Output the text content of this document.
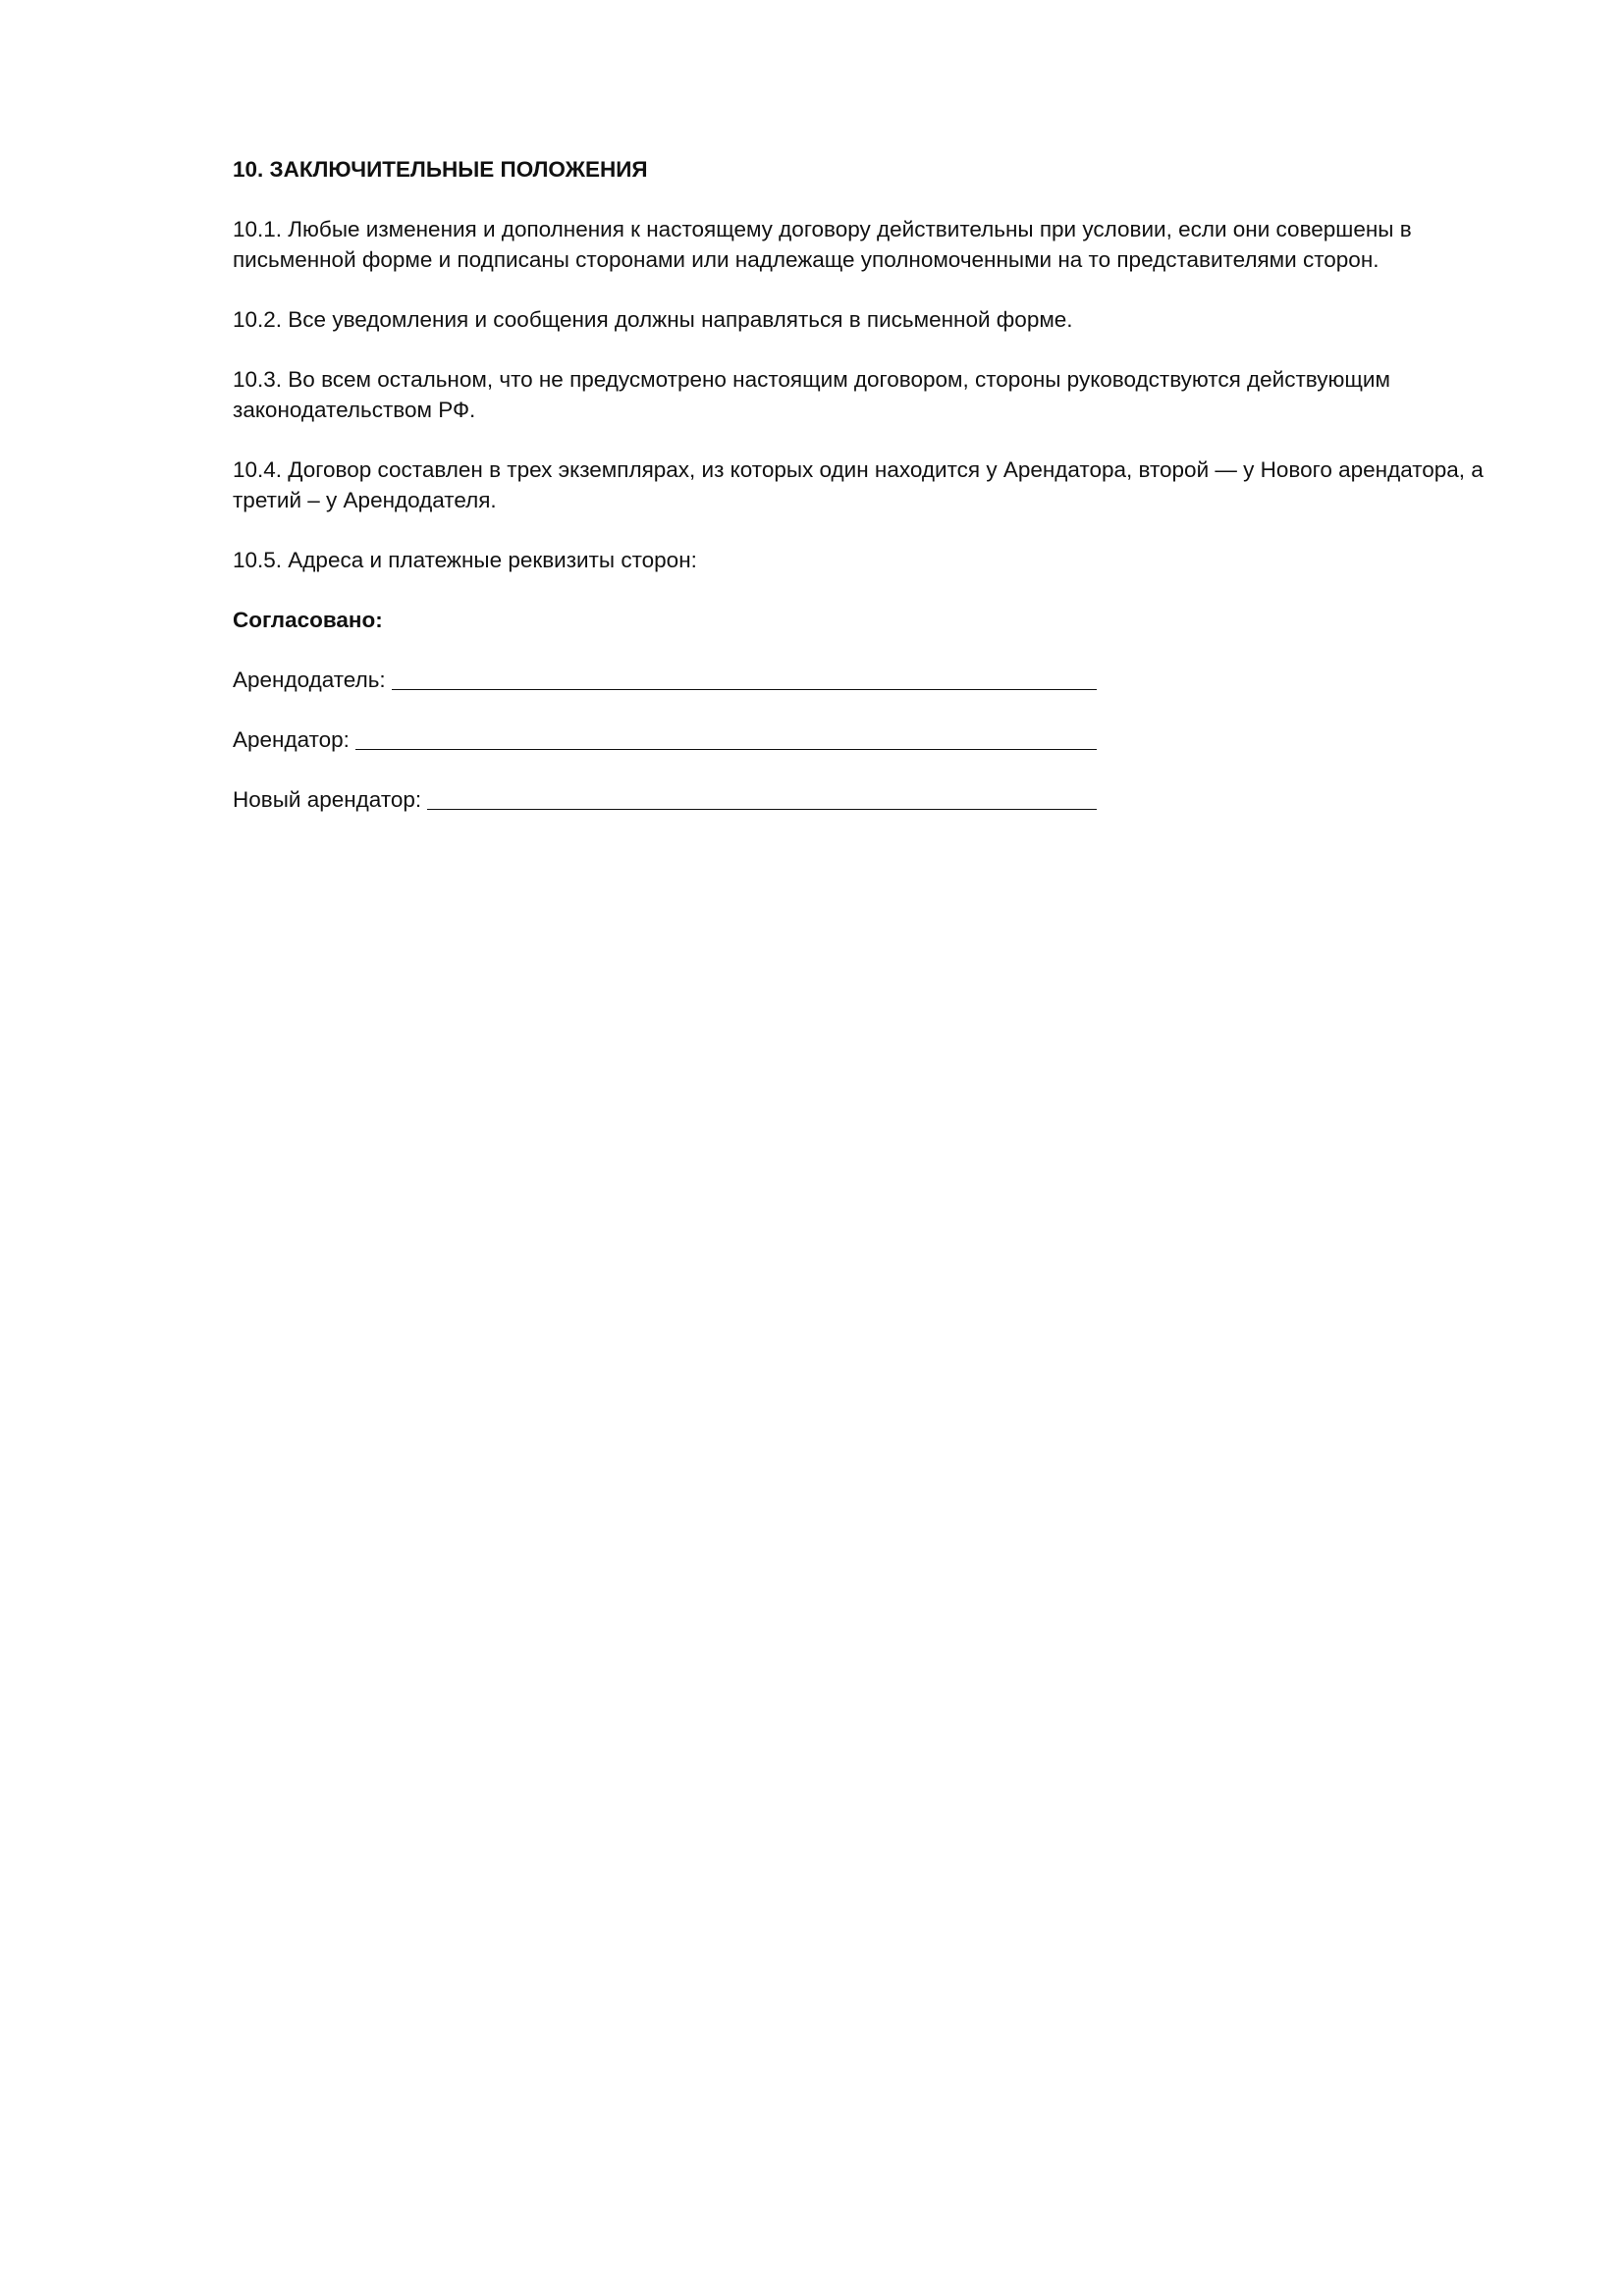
10. ЗАКЛЮЧИТЕЛЬНЫЕ ПОЛОЖЕНИЯ
10.1. Любые изменения и дополнения к настоящему договору действительны при условии, если они совершены в письменной форме и подписаны сторонами или надлежаще уполномоченными на то представителями сторон.
10.2. Все уведомления и сообщения должны направляться в письменной форме.
10.3. Во всем остальном, что не предусмотрено настоящим договором, стороны руководствуются действующим законодательством РФ.
10.4. Договор составлен в трех экземплярах, из которых один находится у Арендатора, второй — у Нового арендатора, а третий – у Арендодателя.
10.5. Адреса и платежные реквизиты сторон:
Согласовано:
Арендодатель:
Арендатор:
Новый арендатор:
